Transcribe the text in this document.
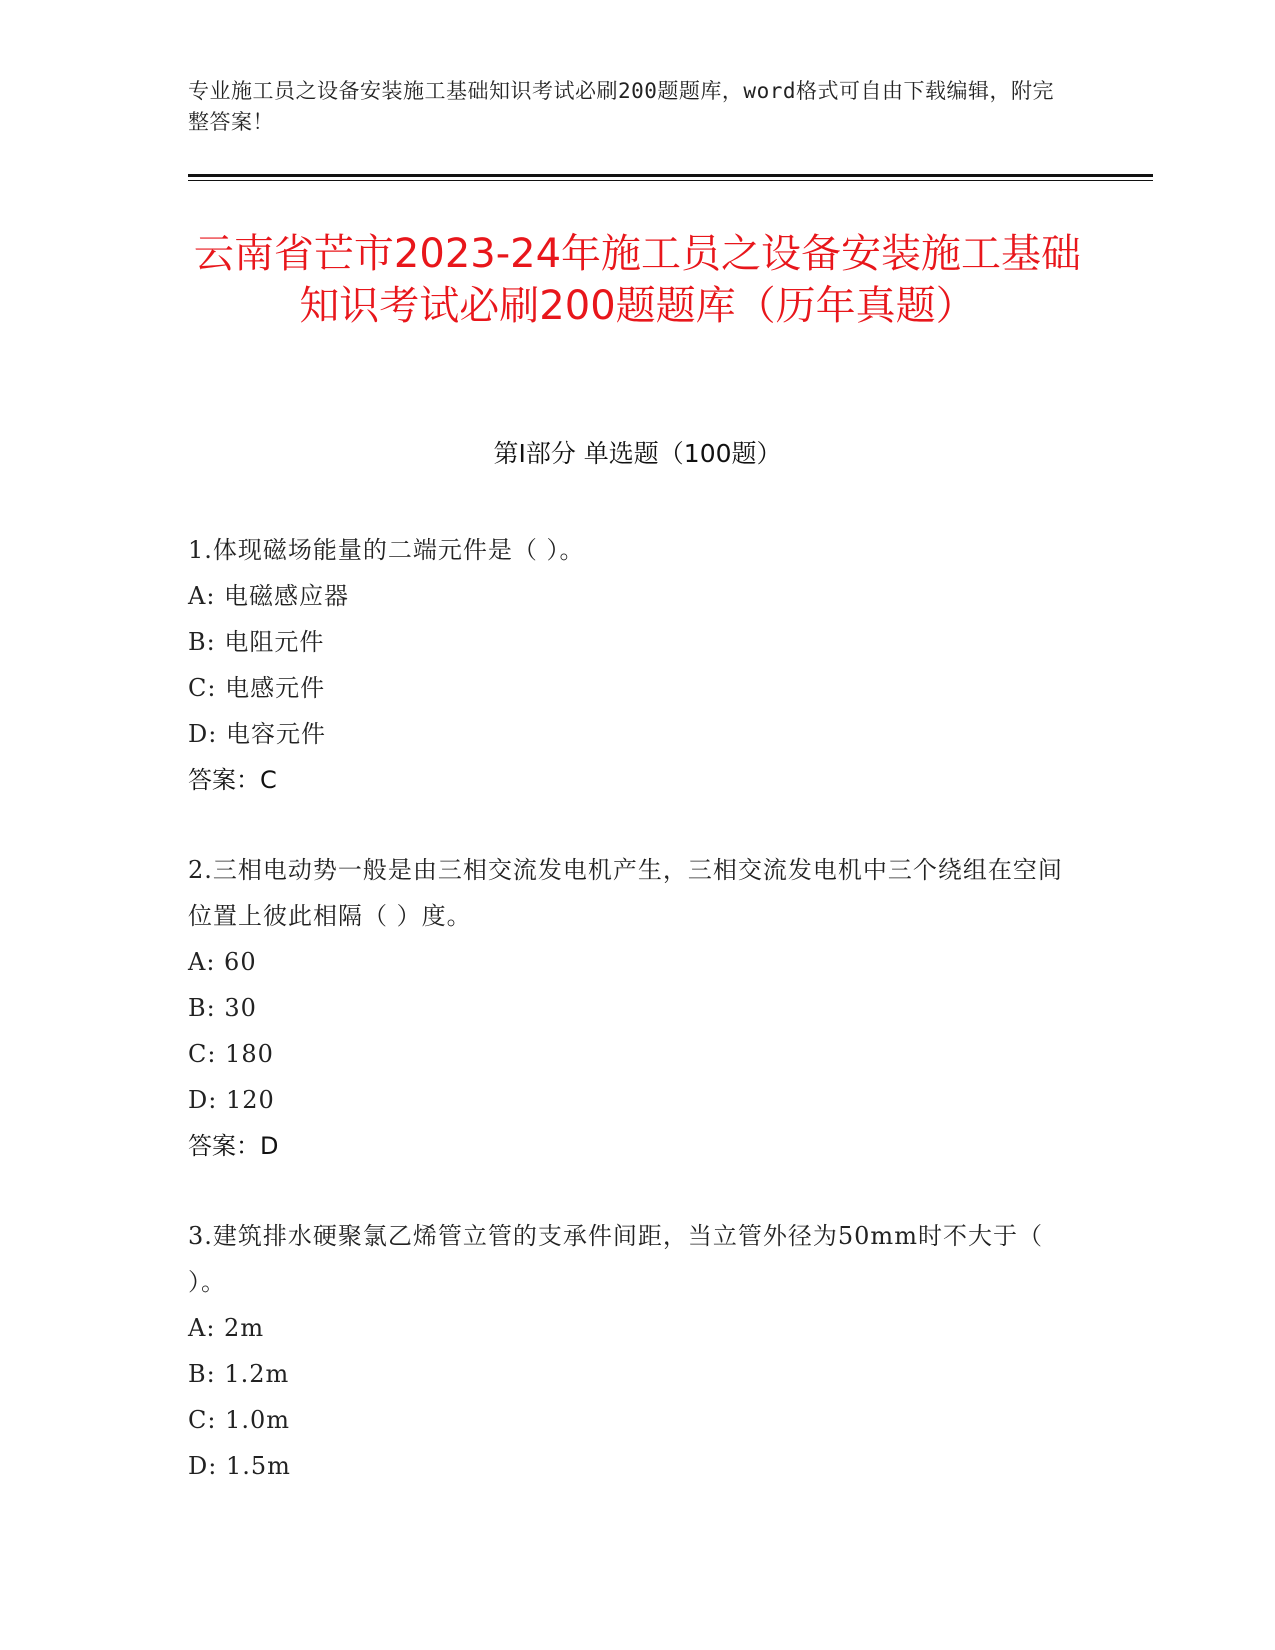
专业施工员之设备安装施工基础知识考试必刷200题题库，word格式可自由下载编辑，附完整答案！
云南省芒市2023-24年施工员之设备安装施工基础知识考试必刷200题题库（历年真题）
第Ⅰ部分 单选题（100题）
1.体现磁场能量的二端元件是（ ）。
A: 电磁感应器
B: 电阻元件
C: 电感元件
D: 电容元件
答案：C
2.三相电动势一般是由三相交流发电机产生，三相交流发电机中三个绕组在空间位置上彼此相隔（ ）度。
A: 60
B: 30
C: 180
D: 120
答案：D
3.建筑排水硬聚氯乙烯管立管的支承件间距，当立管外径为50mm时不大于（ ）。
A: 2m
B: 1.2m
C: 1.0m
D: 1.5m
